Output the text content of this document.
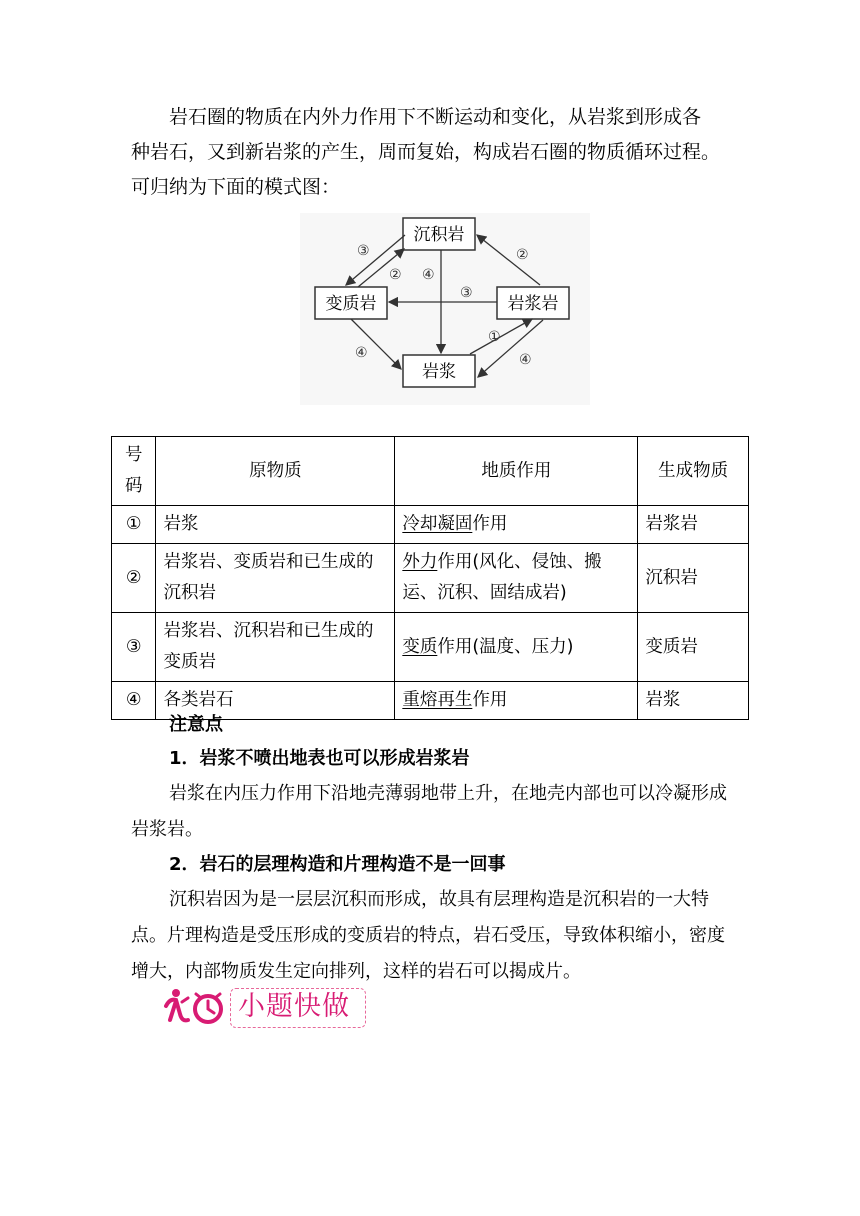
岩石圈的物质在内外力作用下不断运动和变化，从岩浆到形成各
种岩石，又到新岩浆的产生，周而复始，构成岩石圈的物质循环过程。
可归纳为下面的模式图：
沉积岩
变质岩	岩浆岩
岩浆
③
② ④
②
③
④
①
④
号码	原物质	地质作用	生成物质
①	岩浆	冷却凝固作用	岩浆岩
②	岩浆岩、变质岩和已生成的沉积岩	外力作用(风化、侵蚀、搬运、沉积、固结成岩)	沉积岩
③	岩浆岩、沉积岩和已生成的变质岩	变质作用(温度、压力)	变质岩
④	各类岩石	重熔再生作用	岩浆

注意点

1．岩浆不喷出地表也可以形成岩浆岩

岩浆在内压力作用下沿地壳薄弱地带上升，在地壳内部也可以冷凝形成岩浆岩。

2．岩石的层理构造和片理构造不是一回事

沉积岩因为是一层层沉积而形成，故具有层理构造是沉积岩的一大特点。片理构造是受压形成的变质岩的特点，岩石受压，导致体积缩小，密度增大，内部物质发生定向排列，这样的岩石可以揭成片。

小题快做
